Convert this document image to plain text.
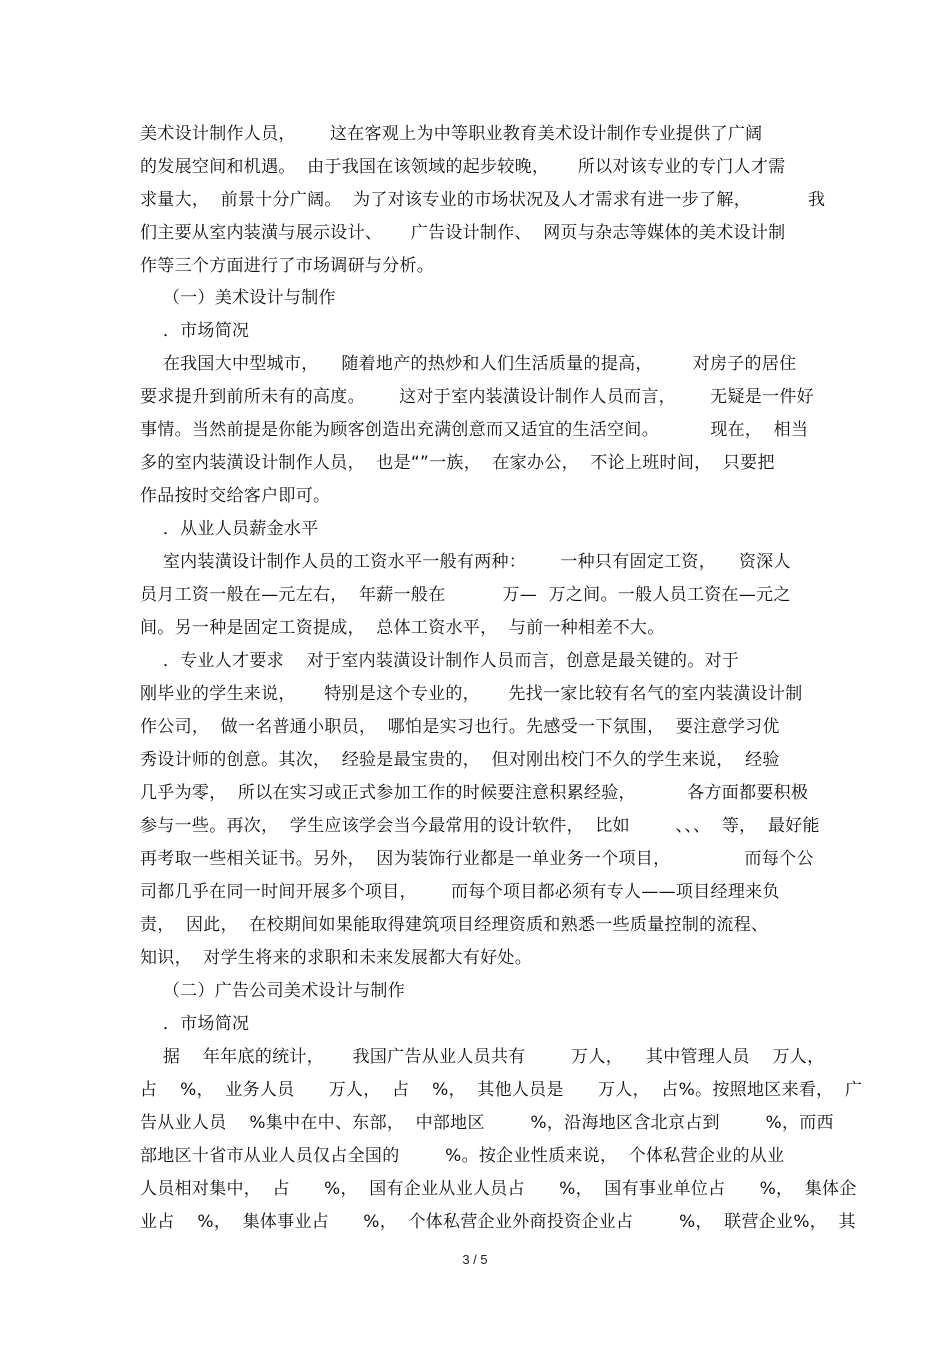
美术设计制作人员，      这在客观上为中等职业教育美术设计制作专业提供了广阔
的发展空间和机遇。  由于我国在该领域的起步较晚，     所以对该专业的专门人才需
求量大，  前景十分广阔。  为了对该专业的市场状况及人才需求有进一步了解，          我
们主要从室内装潢与展示设计、     广告设计制作、  网页与杂志等媒体的美术设计制
作等三个方面进行了市场调研与分析。
（一）美术设计与制作
．市场简况
在我国大中型城市，    随着地产的热炒和人们生活质量的提高，       对房子的居住
要求提升到前所未有的高度。      这对于室内装潢设计制作人员而言，      无疑是一件好
事情。当然前提是你能为顾客创造出充满创意而又适宜的生活空间。         现在，  相当
多的室内装潢设计制作人员，  也是“”一族，  在家办公，  不论上班时间，  只要把
作品按时交给客户即可。
．从业人员薪金水平
室内装潢设计制作人员的工资水平一般有两种：      一种只有固定工资，    资深人
员月工资一般在—元左右，  年薪一般在          万—  万之间。一般人员工资在—元之
间。另一种是固定工资提成，  总体工资水平，  与前一种相差不大。
．专业人才要求    对于室内装潢设计制作人员而言，创意是最关键的。对于
刚毕业的学生来说，     特别是这个专业的，     先找一家比较有名气的室内装潢设计制
作公司，  做一名普通小职员，  哪怕是实习也行。先感受一下氛围，  要注意学习优
秀设计师的创意。其次，  经验是最宝贵的，  但对刚出校门不久的学生来说，  经验
几乎为零，  所以在实习或正式参加工作的时候要注意积累经验，         各方面都要积极
参与一些。再次，  学生应该学会当今最常用的设计软件，  比如        、、、  等，  最好能
再考取一些相关证书。另外，  因为装饰行业都是一单业务一个项目，             而每个公
司都几乎在同一时间开展多个项目，      而每个项目都必须有专人——项目经理来负
责，  因此，  在校期间如果能取得建筑项目经理资质和熟悉一些质量控制的流程、
知识，  对学生将来的求职和未来发展都大有好处。
（二）广告公司美术设计与制作
．市场简况
据    年年底的统计，     我国广告从业人员共有        万人，    其中管理人员    万人，
占    %，  业务人员      万人，  占    %，  其他人员是      万人，  占%。按照地区来看，  广
告从业人员    %集中在中、东部，  中部地区        %，沿海地区含北京占到        %，而西
部地区十省市从业人员仅占全国的        %。按企业性质来说，  个体私营企业的从业
人员相对集中，  占      %，  国有企业从业人员占      %，  国有事业单位占      %，  集体企
业占    %，  集体事业占      %，  个体私营企业外商投资企业占        %，  联营企业%，  其
3 / 5
